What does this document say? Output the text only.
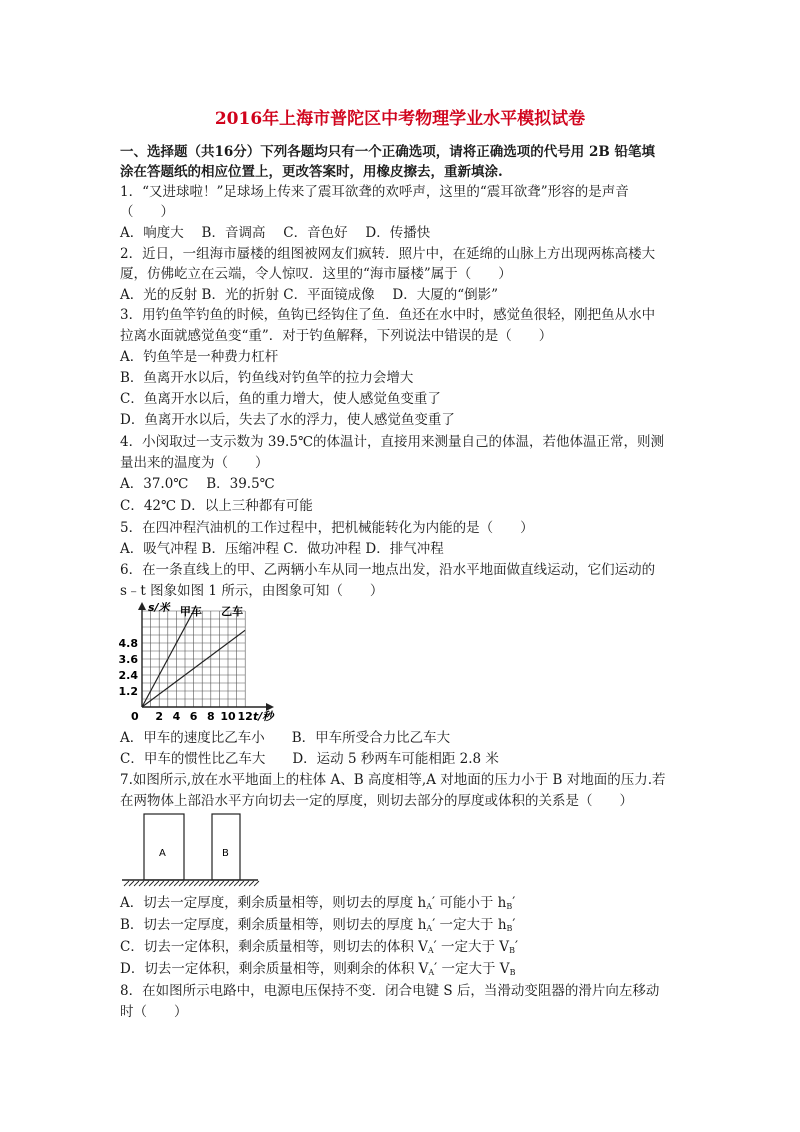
2016年上海市普陀区中考物理学业水平模拟试卷
一、选择题（共16分）下列各题均只有一个正确选项，请将正确选项的代号用 2B 铅笔填
涂在答题纸的相应位置上，更改答案时，用橡皮擦去，重新填涂.
1．“又进球啦！”足球场上传来了震耳欲聋的欢呼声，这里的“震耳欲聋”形容的是声音
（　　）
A．响度大　 B．音调高　 C．音色好　 D．传播快
2．近日，一组海市蜃楼的组图被网友们疯转．照片中，在延绵的山脉上方出现两栋高楼大
厦，仿佛屹立在云端，令人惊叹．这里的“海市蜃楼”属于（　　）
A．光的反射 B．光的折射 C．平面镜成像　 D．大厦的“倒影”
3．用钓鱼竿钓鱼的时候，鱼钩已经钩住了鱼．鱼还在水中时，感觉鱼很轻，刚把鱼从水中
拉离水面就感觉鱼变“重”．对于钓鱼解释，下列说法中错误的是（　　）
A．钓鱼竿是一种费力杠杆
B．鱼离开水以后，钓鱼线对钓鱼竿的拉力会增大
C．鱼离开水以后，鱼的重力增大，使人感觉鱼变重了
D．鱼离开水以后，失去了水的浮力，使人感觉鱼变重了
4．小闵取过一支示数为 39.5℃的体温计，直接用来测量自己的体温，若他体温正常，则测
量出来的温度为（　　）
A．37.0℃　 B．39.5℃
C．42℃ D．以上三种都有可能
5．在四冲程汽油机的工作过程中，把机械能转化为内能的是（　　）
A．吸气冲程 B．压缩冲程 C．做功冲程 D．排气冲程
6．在一条直线上的甲、乙两辆小车从同一地点出发，沿水平地面做直线运动，它们运动的
s﹣t 图象如图 1 所示，由图象可知（　　）
2 4 6 8 10 12
1.2
2.4
3.6
4.8
甲车 乙车
s/米
t/秒
0
A．甲车的速度比乙车小　　B．甲车所受合力比乙车大
C．甲车的惯性比乙车大　　D．运动 5 秒两车可能相距 2.8 米
7.如图所示,放在水平地面上的柱体 A、B 高度相等,A 对地面的压力小于 B 对地面的压力.若
在两物体上部沿水平方向切去一定的厚度，则切去部分的厚度或体积的关系是（　　）
A	B
A．切去一定厚度，剩余质量相等，则切去的厚度 $h_A'$ 可能小于 $h_B'$
B．切去一定厚度，剩余质量相等，则切去的厚度 $h_A'$ 一定大于 $h_B'$
C．切去一定体积，剩余质量相等，则切去的体积 $V_A'$ 一定大于 $V_B'$
D．切去一定体积，剩余质量相等，则剩余的体积 $V_A'$ 一定大于 $V_B$
8．在如图所示电路中，电源电压保持不变．闭合电键 S 后，当滑动变阻器的滑片向左移动
时（　　）
